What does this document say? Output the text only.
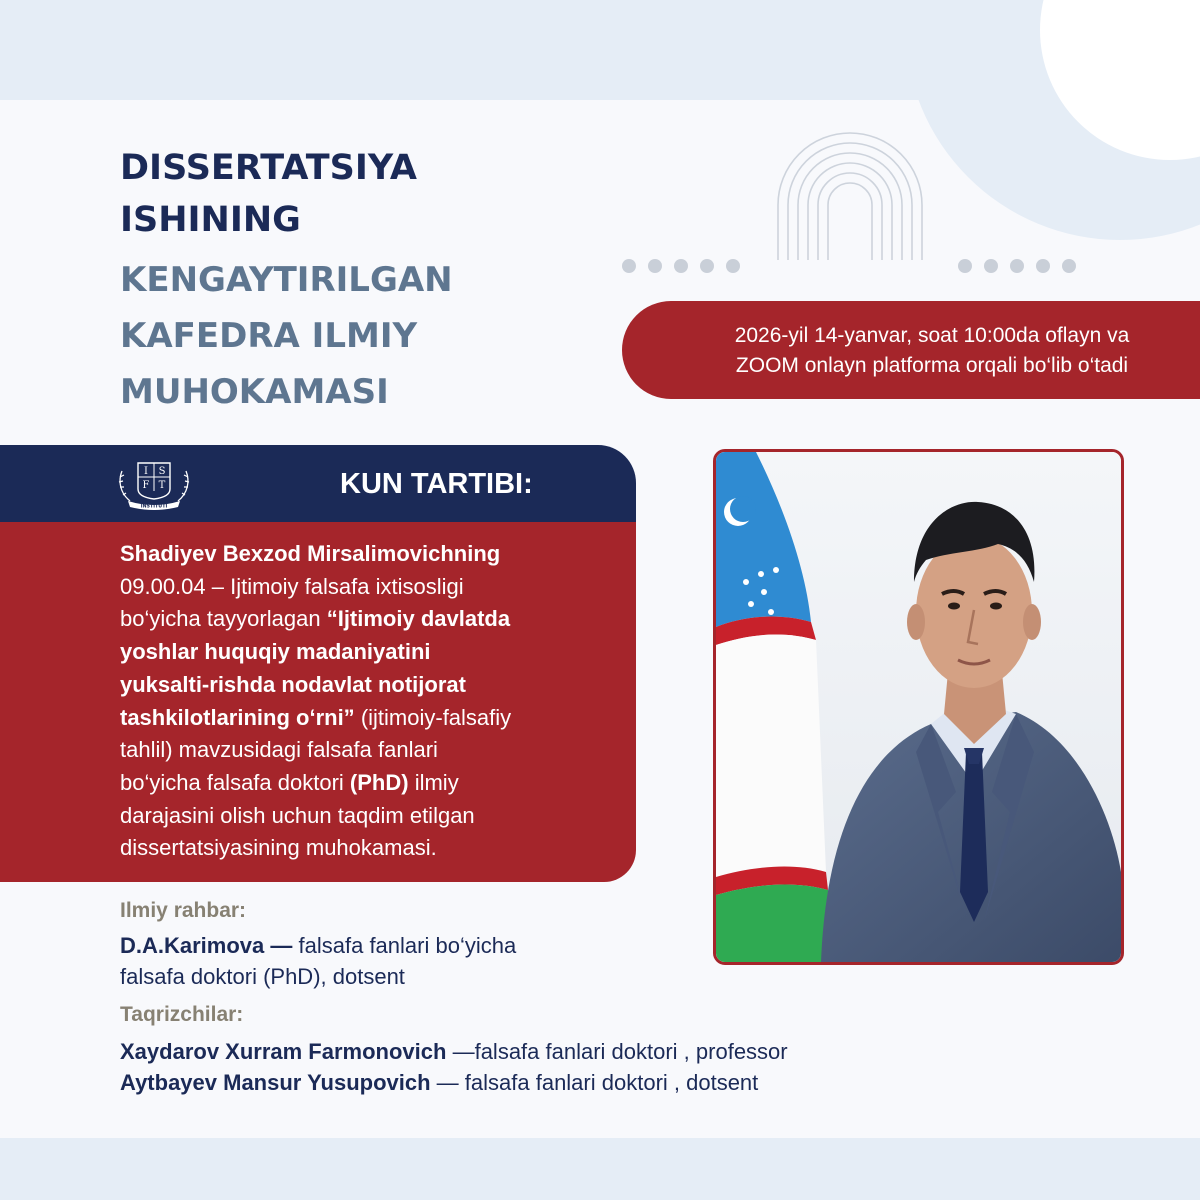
DISSERTATSIYA
ISHINING
KENGAYTIRILGAN
KAFEDRA ILMIY
MUHOKAMASI
2026-yil 14-yanvar, soat 10:00da oflayn va
ZOOM onlayn platforma orqali bo‘lib o‘tadi
I S
F T
INSTITUTI
KUN TARTIBI:
Shadiyev Bexzod Mirsalimovichning
09.00.04 – Ijtimoiy falsafa ixtisosligi
bo‘yicha tayyorlagan “Ijtimoiy davlatda
yoshlar huquqiy madaniyatini
yuksalti-rishda nodavlat notijorat
tashkilotlarining o‘rni” (ijtimoiy-falsafiy
tahlil) mavzusidagi falsafa fanlari
bo‘yicha falsafa doktori (PhD) ilmiy
darajasini olish uchun taqdim etilgan
dissertatsiyasining muhokamasi.
Ilmiy rahbar:
D.A.Karimova — falsafa fanlari bo‘yicha
falsafa doktori (PhD), dotsent
Taqrizchilar:
Xaydarov Xurram Farmonovich —falsafa fanlari doktori , professor
Aytbayev Mansur Yusupovich — falsafa fanlari doktori , dotsent
